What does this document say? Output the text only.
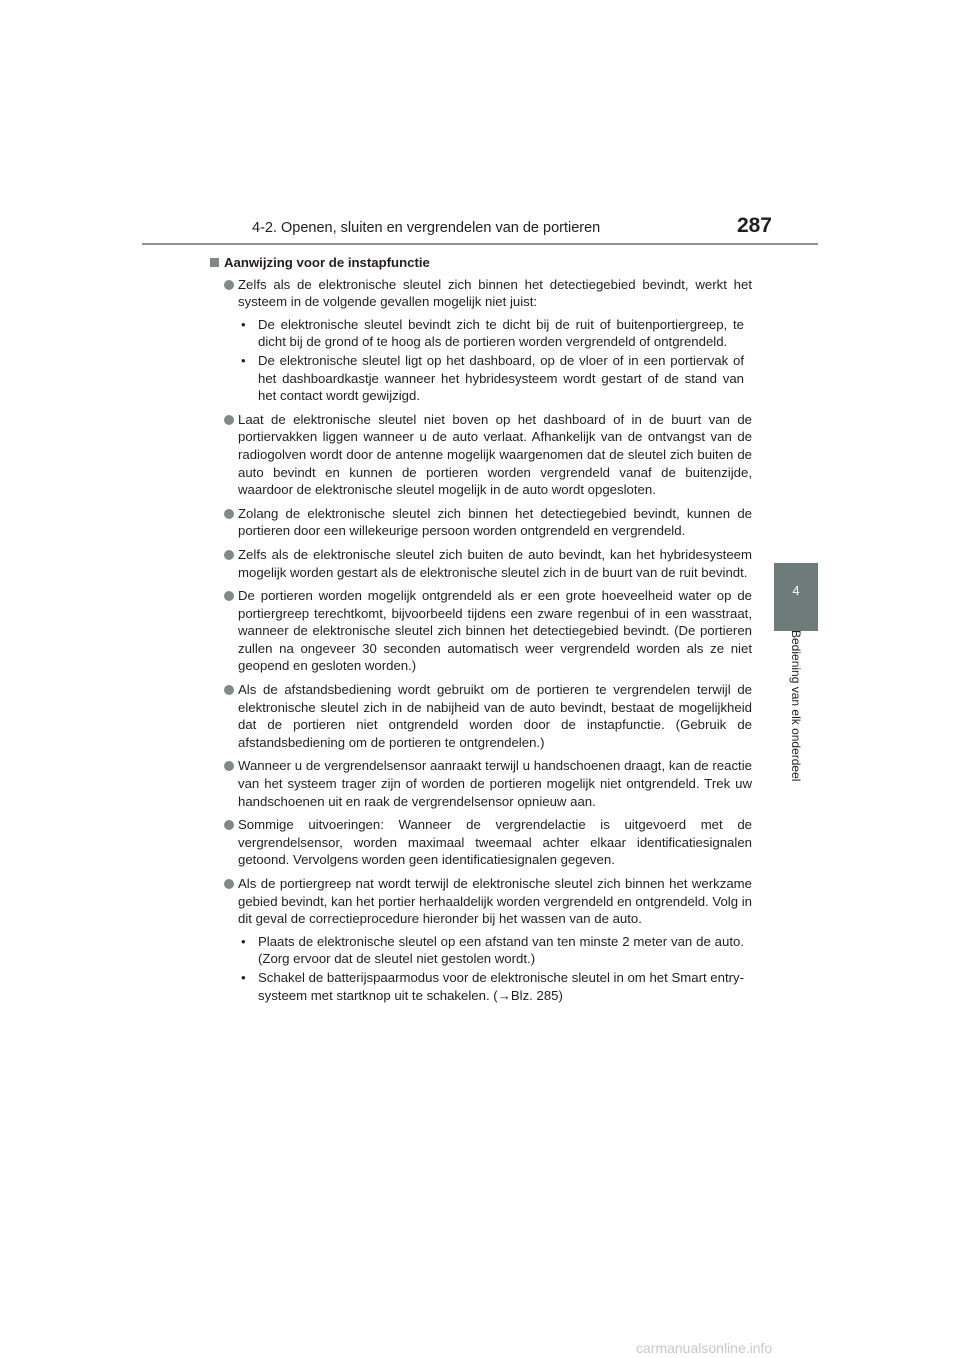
4-2. Openen, sluiten en vergrendelen van de portieren	287
4
Bediening van elk onderdeel
Aanwijzing voor de instapfunctie
Zelfs als de elektronische sleutel zich binnen het detectiegebied bevindt, werkt het systeem in de volgende gevallen mogelijk niet juist:
• De elektronische sleutel bevindt zich te dicht bij de ruit of buitenportiergreep, te dicht bij de grond of te hoog als de portieren worden vergrendeld of ontgrendeld.
• De elektronische sleutel ligt op het dashboard, op de vloer of in een portiervak of het dashboardkastje wanneer het hybridesysteem wordt gestart of de stand van het contact wordt gewijzigd.
Laat de elektronische sleutel niet boven op het dashboard of in de buurt van de portiervakken liggen wanneer u de auto verlaat. Afhankelijk van de ontvangst van de radiogolven wordt door de antenne mogelijk waargenomen dat de sleutel zich buiten de auto bevindt en kunnen de portieren worden vergrendeld vanaf de buitenzijde, waardoor de elektronische sleutel mogelijk in de auto wordt opgesloten.
Zolang de elektronische sleutel zich binnen het detectiegebied bevindt, kunnen de portieren door een willekeurige persoon worden ontgrendeld en vergrendeld.
Zelfs als de elektronische sleutel zich buiten de auto bevindt, kan het hybridesysteem mogelijk worden gestart als de elektronische sleutel zich in de buurt van de ruit bevindt.
De portieren worden mogelijk ontgrendeld als er een grote hoeveelheid water op de portiergreep terechtkomt, bijvoorbeeld tijdens een zware regenbui of in een wasstraat, wanneer de elektronische sleutel zich binnen het detectiegebied bevindt. (De portieren zullen na ongeveer 30 seconden automatisch weer vergrendeld worden als ze niet geopend en gesloten worden.)
Als de afstandsbediening wordt gebruikt om de portieren te vergrendelen terwijl de elektronische sleutel zich in de nabijheid van de auto bevindt, bestaat de mogelijkheid dat de portieren niet ontgrendeld worden door de instapfunctie. (Gebruik de afstandsbediening om de portieren te ontgrendelen.)
Wanneer u de vergrendelsensor aanraakt terwijl u handschoenen draagt, kan de reactie van het systeem trager zijn of worden de portieren mogelijk niet ontgrendeld. Trek uw handschoenen uit en raak de vergrendelsensor opnieuw aan.
Sommige uitvoeringen: Wanneer de vergrendelactie is uitgevoerd met de vergrendelsensor, worden maximaal tweemaal achter elkaar identificatiesignalen getoond. Vervolgens worden geen identificatiesignalen gegeven.
Als de portiergreep nat wordt terwijl de elektronische sleutel zich binnen het werkzame gebied bevindt, kan het portier herhaaldelijk worden vergrendeld en ontgrendeld. Volg in dit geval de correctieprocedure hieronder bij het wassen van de auto.
• Plaats de elektronische sleutel op een afstand van ten minste 2 meter van de auto. (Zorg ervoor dat de sleutel niet gestolen wordt.)
• Schakel de batterijspaarmodus voor de elektronische sleutel in om het Smart entry-systeem met startknop uit te schakelen. (→Blz. 285)
carmanualsonline.info
